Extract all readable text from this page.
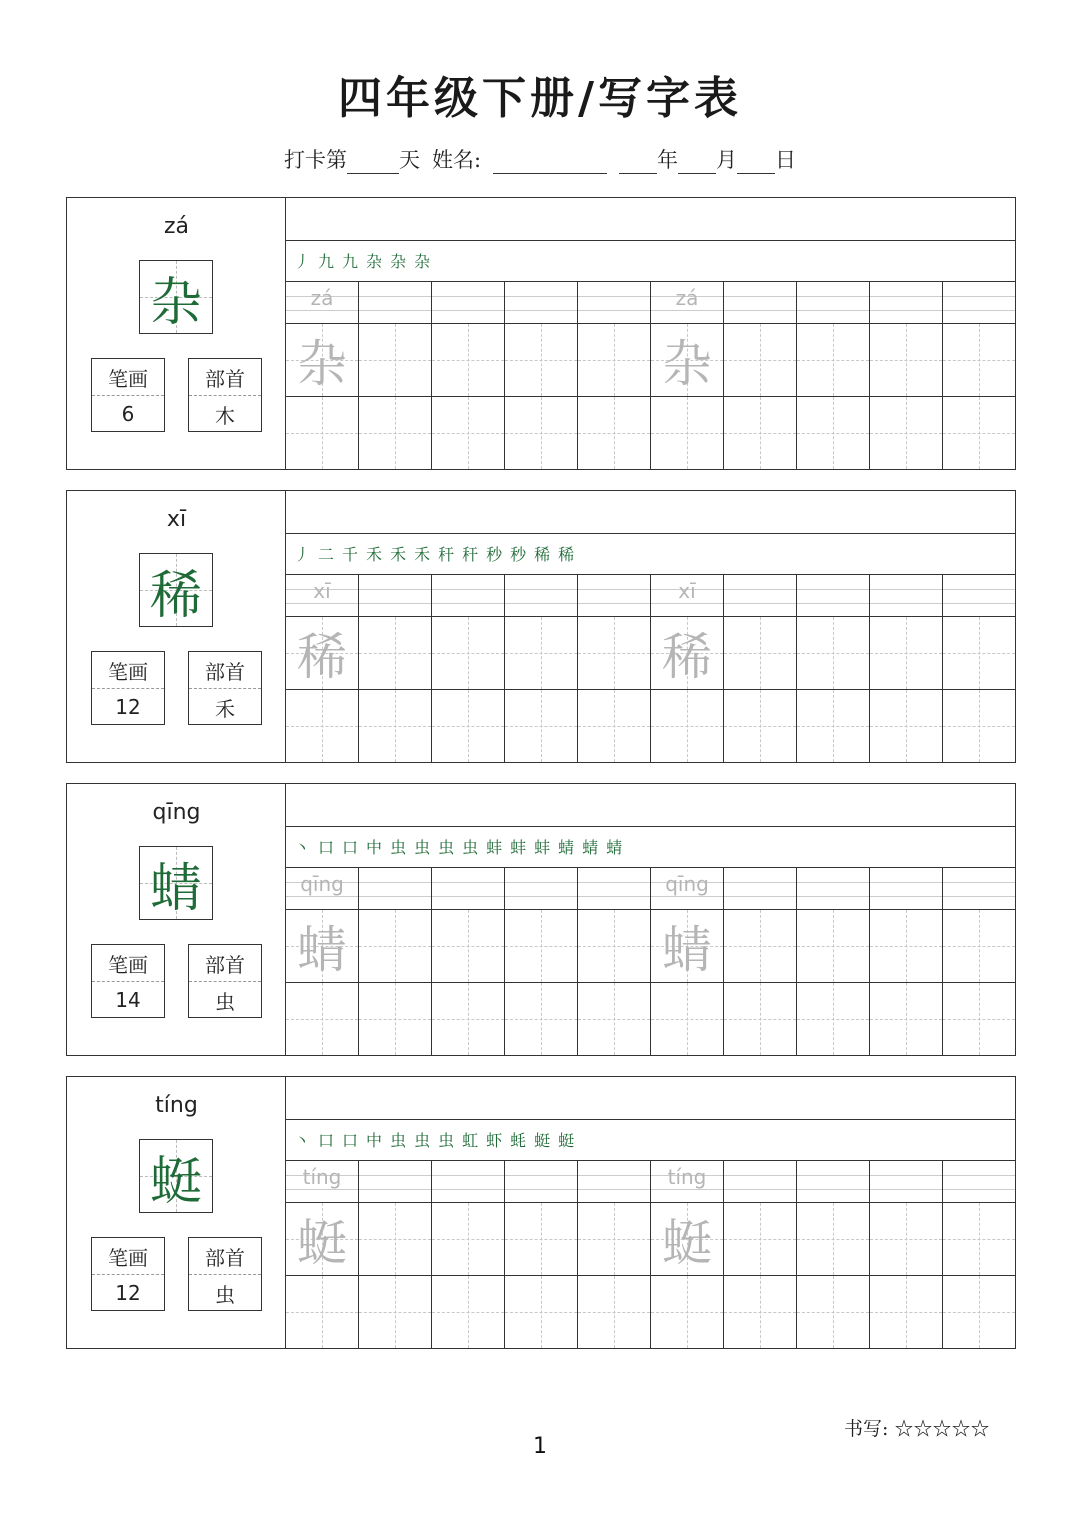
四年级下册/写字表
打卡第 天 姓名:	年 月 日
zá
杂
笔画
6
部首
木
丿 九 九 杂 杂 杂
zá
杂
zá
杂
xī
稀
笔画
12
部首
禾
丿 二 千 禾 禾 禾 秆 秆 秒 秒 稀 稀
xī
稀
xī
稀
qīng
蜻
笔画
14
部首
虫
丶 口 口 中 虫 虫 虫 虫 蚌 蚌 蚌 蜻 蜻 蜻
qīng
蜻
qīng
蜻
tíng
蜓
笔画
12
部首
虫
丶 口 口 中 虫 虫 虫 虹 虾 蚝 蜓 蜓
tíng
蜓
tíng
蜓
书写: ☆☆☆☆☆
1
